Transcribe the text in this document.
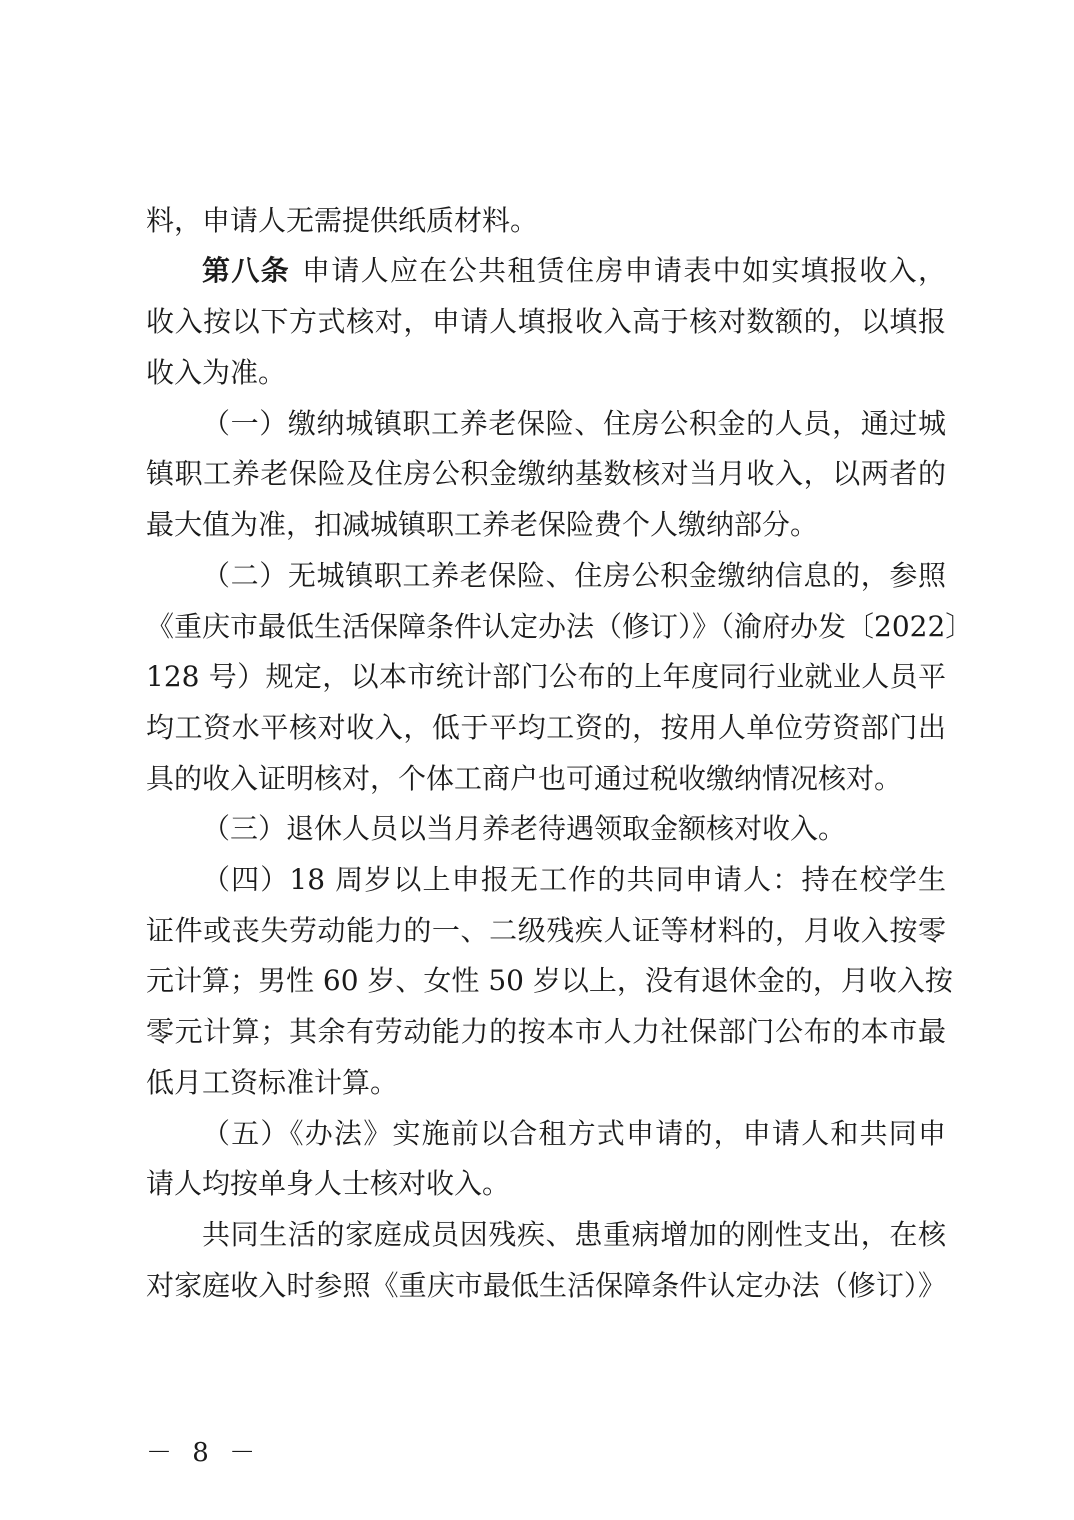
料，申请人无需提供纸质材料。
第八条 申请人应在公共租赁住房申请表中如实填报收入，
收入按以下方式核对，申请人填报收入高于核对数额的，以填报
收入为准。
（一）缴纳城镇职工养老保险、住房公积金的人员，通过城
镇职工养老保险及住房公积金缴纳基数核对当月收入，以两者的
最大值为准，扣减城镇职工养老保险费个人缴纳部分。
（二）无城镇职工养老保险、住房公积金缴纳信息的，参照
《重庆市最低生活保障条件认定办法（修订）》（渝府办发〔2022〕
128 号）规定，以本市统计部门公布的上年度同行业就业人员平
均工资水平核对收入，低于平均工资的，按用人单位劳资部门出
具的收入证明核对，个体工商户也可通过税收缴纳情况核对。
（三）退休人员以当月养老待遇领取金额核对收入。
（四）18 周岁以上申报无工作的共同申请人：持在校学生
证件或丧失劳动能力的一、二级残疾人证等材料的，月收入按零
元计算；男性 60 岁、女性 50 岁以上，没有退休金的，月收入按
零元计算；其余有劳动能力的按本市人力社保部门公布的本市最
低月工资标准计算。
（五）《办法》实施前以合租方式申请的，申请人和共同申
请人均按单身人士核对收入。
共同生活的家庭成员因残疾、患重病增加的刚性支出，在核
对家庭收入时参照《重庆市最低生活保障条件认定办法（修订）》
－ 8 －
